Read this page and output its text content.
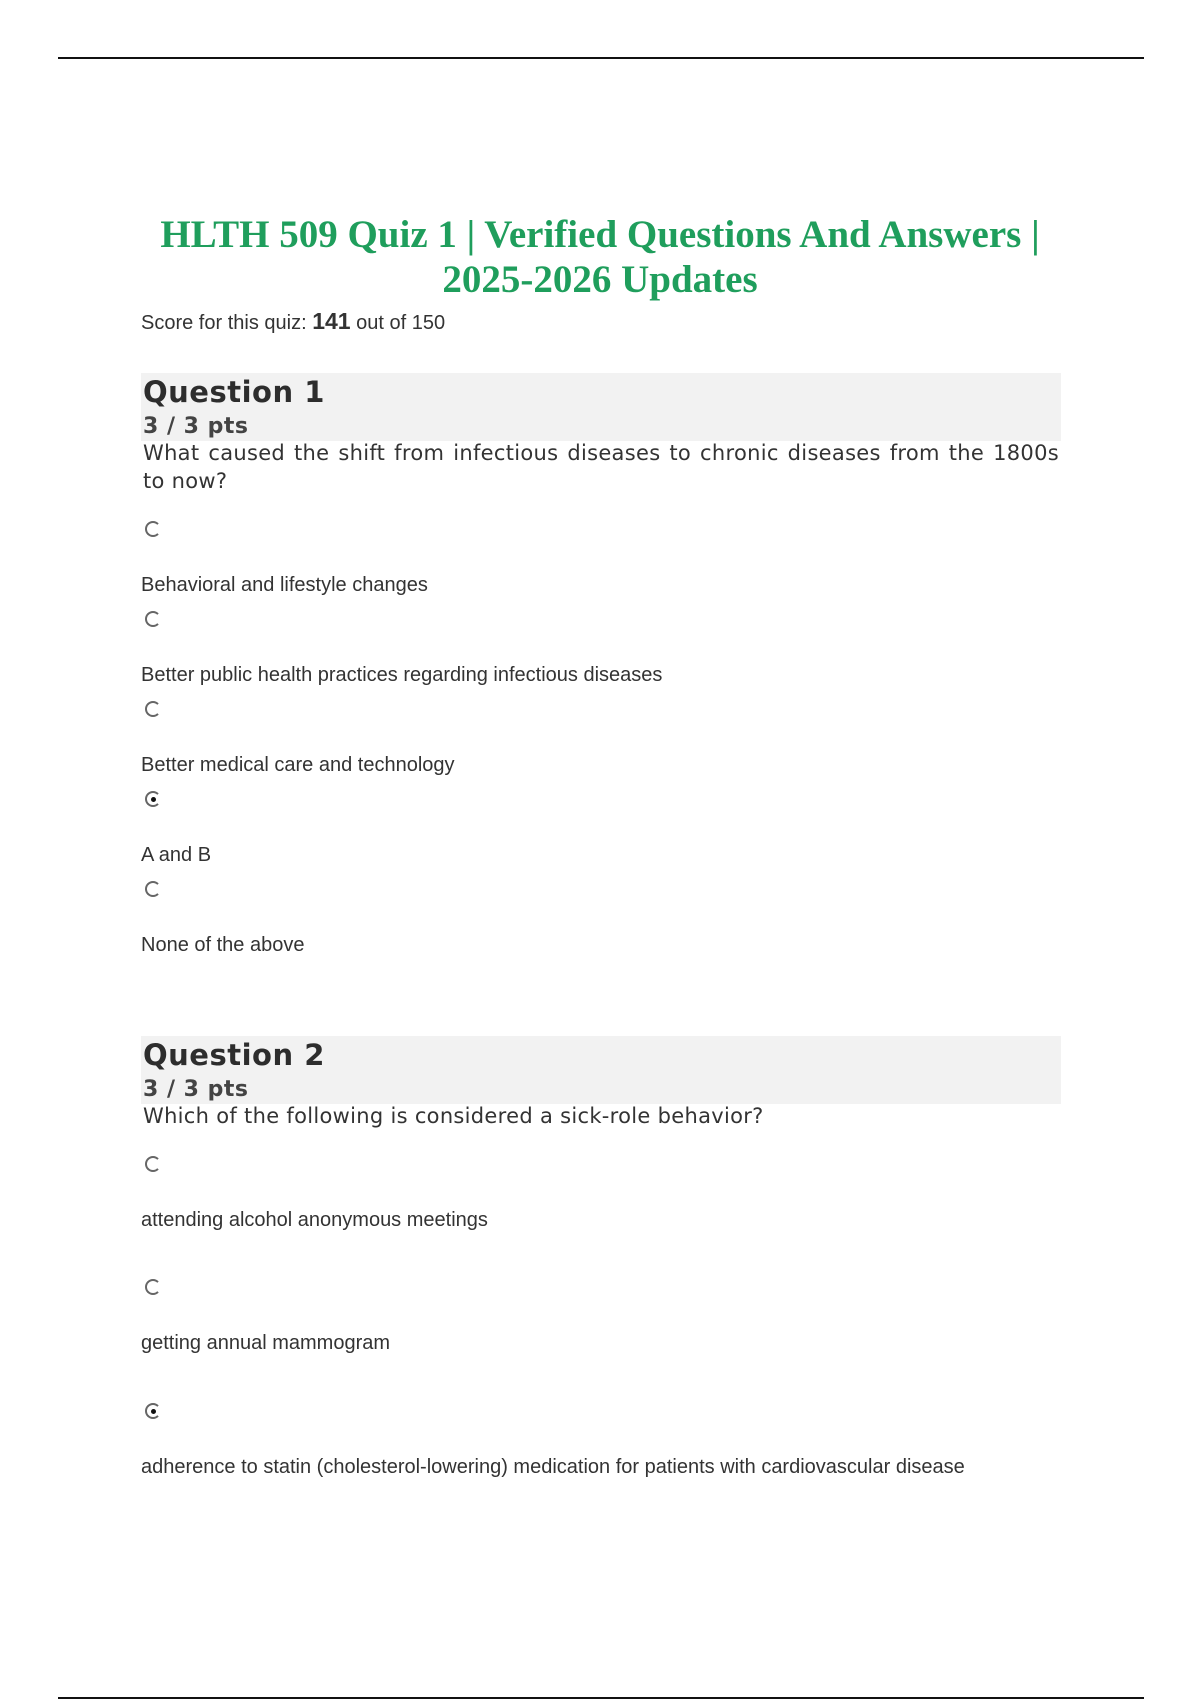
HLTH 509 Quiz 1 | Verified Questions And Answers |
2025-2026 Updates
Score for this quiz: 141 out of 150
Question 1
3 / 3 pts

What caused the shift from infectious diseases to chronic diseases from the 1800s to now?

Behavioral and lifestyle changes
Better public health practices regarding infectious diseases
Better medical care and technology
A and B
None of the above
Question 2
3 / 3 pts

Which of the following is considered a sick-role behavior?

attending alcohol anonymous meetings
getting annual mammogram
adherence to statin (cholesterol-lowering) medication for patients with cardiovascular disease
